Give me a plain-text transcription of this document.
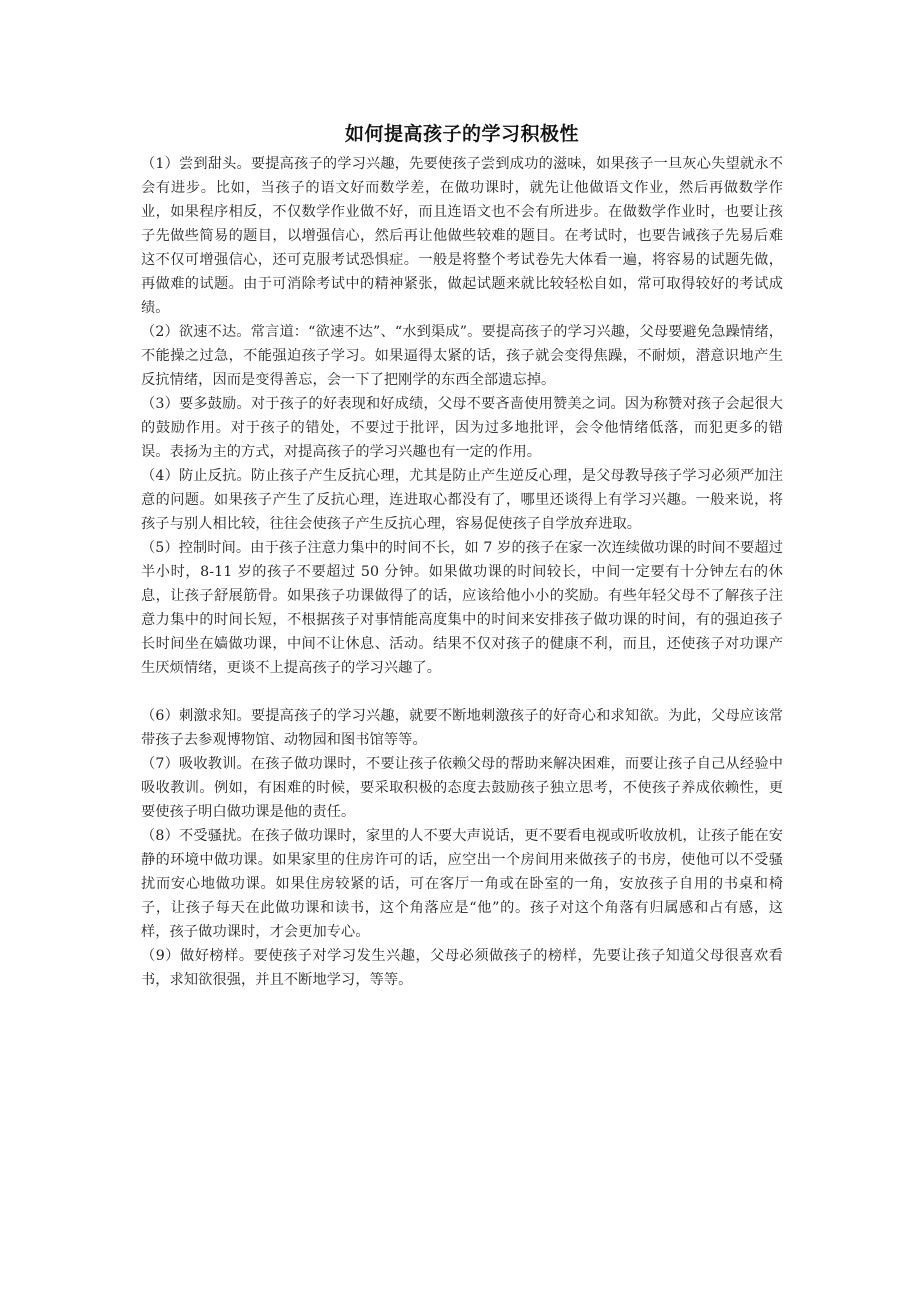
如何提高孩子的学习积极性

（1）尝到甜头。要提高孩子的学习兴趣，先要使孩子尝到成功的滋味，如果孩子一旦灰心失望就永不会有进步。比如，当孩子的语文好而数学差，在做功课时，就先让他做语文作业，然后再做数学作业，如果程序相反，不仅数学作业做不好，而且连语文也不会有所进步。在做数学作业时，也要让孩子先做些简易的题目，以增强信心，然后再让他做些较难的题目。在考试时，也要告诫孩子先易后难这不仅可增强信心，还可克服考试恐惧症。一般是将整个考试卷先大体看一遍，将容易的试题先做，再做难的试题。由于可消除考试中的精神紧张，做起试题来就比较轻松自如，常可取得较好的考试成绩。

（2）欲速不达。常言道：“欲速不达”、“水到渠成”。要提高孩子的学习兴趣，父母要避免急躁情绪，不能操之过急，不能强迫孩子学习。如果逼得太紧的话，孩子就会变得焦躁，不耐烦，潜意识地产生反抗情绪，因而是变得善忘，会一下了把刚学的东西全部遗忘掉。

（3）要多鼓励。对于孩子的好表现和好成绩，父母不要吝啬使用赞美之词。因为称赞对孩子会起很大的鼓励作用。对于孩子的错处，不要过于批评，因为过多地批评，会令他情绪低落，而犯更多的错误。表扬为主的方式，对提高孩子的学习兴趣也有一定的作用。

（4）防止反抗。防止孩子产生反抗心理，尤其是防止产生逆反心理，是父母教导孩子学习必须严加注意的问题。如果孩子产生了反抗心理，连进取心都没有了，哪里还谈得上有学习兴趣。一般来说，将孩子与别人相比较，往往会使孩子产生反抗心理，容易促使孩子自学放弃进取。

（5）控制时间。由于孩子注意力集中的时间不长，如 7 岁的孩子在家一次连续做功课的时间不要超过半小时，8-11 岁的孩子不要超过 50 分钟。如果做功课的时间较长，中间一定要有十分钟左右的休息，让孩子舒展筋骨。如果孩子功课做得了的话，应该给他小小的奖励。有些年轻父母不了解孩子注意力集中的时间长短，不根据孩子对事情能高度集中的时间来安排孩子做功课的时间，有的强迫孩子长时间坐在嫱做功课，中间不让休息、活动。结果不仅对孩子的健康不利，而且，还使孩子对功课产生厌烦情绪，更谈不上提高孩子的学习兴趣了。

（6）刺激求知。要提高孩子的学习兴趣，就要不断地刺激孩子的好奇心和求知欲。为此，父母应该常带孩子去参观博物馆、动物园和图书馆等等。

（7）吸收教训。在孩子做功课时，不要让孩子依赖父母的帮助来解决困难，而要让孩子自己从经验中吸收教训。例如，有困难的时候，要采取积极的态度去鼓励孩子独立思考，不使孩子养成依赖性，更要使孩子明白做功课是他的责任。

（8）不受骚扰。在孩子做功课时，家里的人不要大声说话，更不要看电视或听收放机，让孩子能在安静的环境中做功课。如果家里的住房许可的话，应空出一个房间用来做孩子的书房，使他可以不受骚扰而安心地做功课。如果住房较紧的话，可在客厅一角或在卧室的一角，安放孩子自用的书桌和椅子，让孩子每天在此做功课和读书，这个角落应是“他”的。孩子对这个角落有归属感和占有感，这样，孩子做功课时，才会更加专心。

（9）做好榜样。要使孩子对学习发生兴趣，父母必须做孩子的榜样，先要让孩子知道父母很喜欢看书，求知欲很强，并且不断地学习，等等。
